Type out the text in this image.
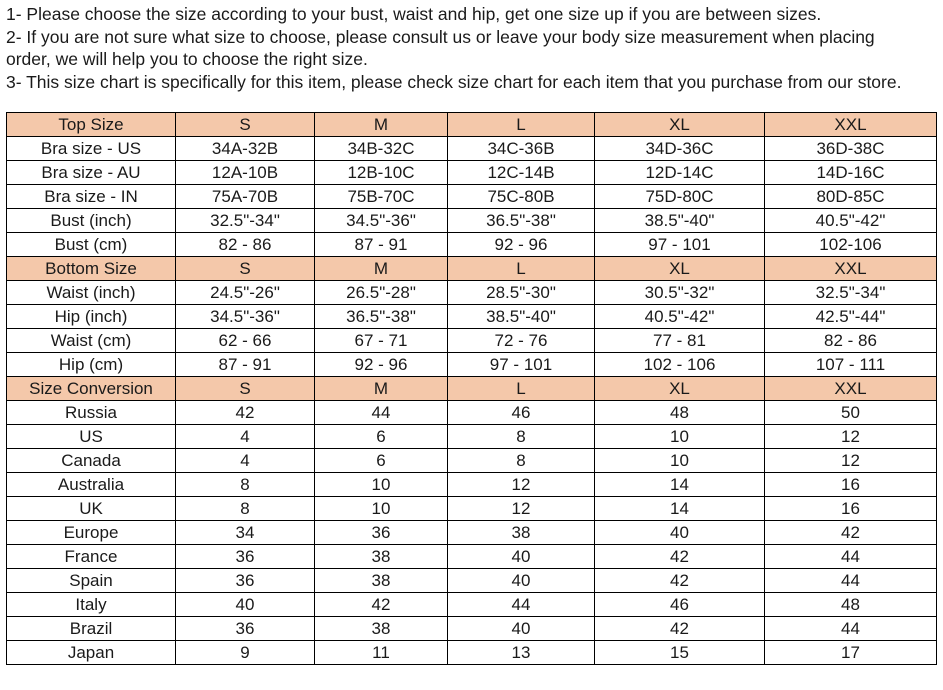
1- Please choose the size according to your bust, waist and hip, get one size up if you are between sizes.

2- If you are not sure what size to choose, please consult us or leave your body size measurement when placing

order, we will help you to choose the right size.

3- This size chart is specifically for this item, please check size chart for each item that you purchase from our store.

Top Size	S	M	L	XL	XXL
Bra size - US	34A-32B	34B-32C	34C-36B	34D-36C	36D-38C
Bra size - AU	12A-10B	12B-10C	12C-14B	12D-14C	14D-16C
Bra size - IN	75A-70B	75B-70C	75C-80B	75D-80C	80D-85C
Bust (inch)	32.5"-34"	34.5"-36"	36.5"-38"	38.5"-40"	40.5"-42"
Bust (cm)	82 - 86	87 - 91	92 - 96	97 - 101	102-106
Bottom Size	S	M	L	XL	XXL
Waist (inch)	24.5"-26"	26.5"-28"	28.5"-30"	30.5"-32"	32.5"-34"
Hip (inch)	34.5"-36"	36.5"-38"	38.5"-40"	40.5"-42"	42.5"-44"
Waist (cm)	62 - 66	67 - 71	72 - 76	77 - 81	82 - 86
Hip (cm)	87 - 91	92 - 96	97 - 101	102 - 106	107 - 111
Size Conversion	S	M	L	XL	XXL
Russia	42	44	46	48	50
US	4	6	8	10	12
Canada	4	6	8	10	12
Australia	8	10	12	14	16
UK	8	10	12	14	16
Europe	34	36	38	40	42
France	36	38	40	42	44
Spain	36	38	40	42	44
Italy	40	42	44	46	48
Brazil	36	38	40	42	44
Japan	9	11	13	15	17
